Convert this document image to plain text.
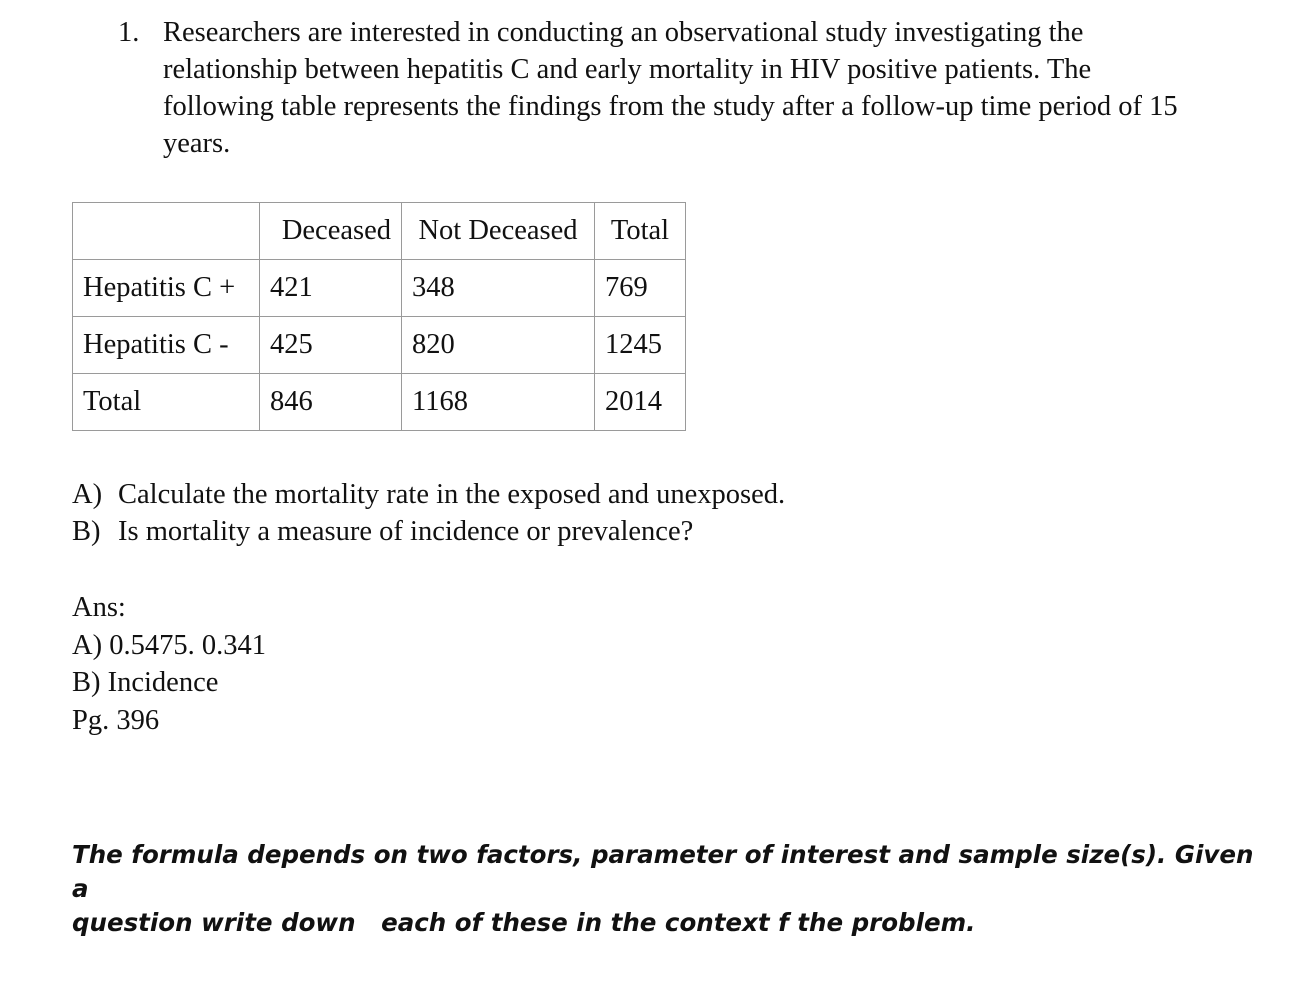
1. Researchers are interested in conducting an observational study investigating the
relationship between hepatitis C and early mortality in HIV positive patients. The
following table represents the findings from the study after a follow-up time period of 15
years.
	Deceased	Not Deceased	Total
Hepatitis C +	421	348	769
Hepatitis C -	425	820	1245
Total	846	1168	2014
A) Calculate the mortality rate in the exposed and unexposed.
B) Is mortality a measure of incidence or prevalence?
Ans:
A) 0.5475. 0.341
B) Incidence
Pg. 396
The formula depends on two factors, parameter of interest and sample size(s). Given a
question write down   each of these in the context f the problem.
